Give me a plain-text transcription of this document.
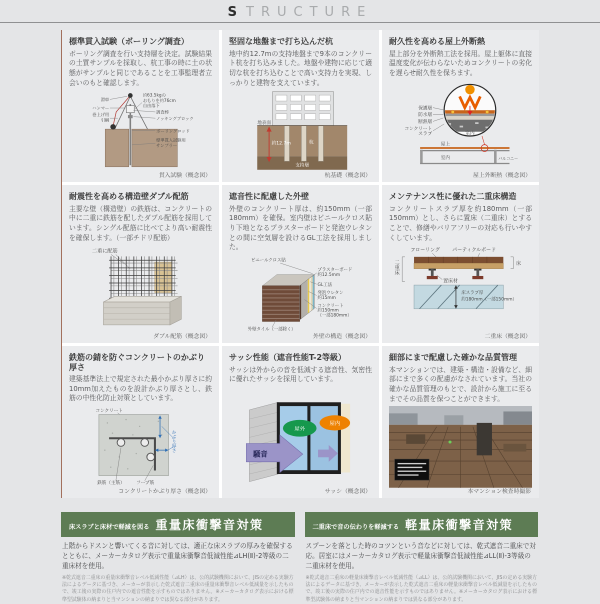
S TRUCTURE
標準貫入試験（ボーリング調査）

ボーリング調査を行い支持層を決定。試験結果の土質サンプルを採取し、杭工事の時に土の状態がサンプルと同じであることを工事監理者立会いのもと確認します。

滑車
ハンマー
巻上げ用
引綱
約63.5kgの
おもりを約76cm
自由落下
調査棒
ノッキングブロック
ボーリングロッド
標準貫入試験用
サンプラー
貫入試験（概念図）
堅固な地盤まで打ち込んだ杭

地中約12.7mの支持地盤まで9本のコンクリート杭を打ち込みました。地盤や建物に応じて適切な杭を打ち込むことで高い支持力を実現、しっかりと建物を支えています。

地表面
約12.7m	杭
支持層
杭基礎（概念図）
耐久性を高める屋上外断熱

屋上部分を外断熱工法を採用。屋上躯体に直接温度変化が伝わらないためコンクリートの劣化を遅らせ耐久性を保ちます。

室内
保護層
防水層
断熱層
コンクリート
スラブ
屋上
室内	バルコニー
屋上外断熱（概念図）
耐震性を高める構造壁ダブル配筋

主要な壁（構造壁）の鉄筋は、コンクリートの中に二重に鉄筋を配したダブル配筋を採用しています。シングル配筋に比べてより高い耐震性を確保します。（一部チドリ配筋）

二重に配筋
ダブル配筋（概念図）
遮音性に配慮した外壁

外壁のコンクリート厚は、約150mm（一部180mm）を確保。室内壁はビニールクロス貼り下地となるプラスターボードと発泡ウレタンとの間に空気層を設けるGL工法を採用しました。

ビニールクロス貼
プラスターボード
約12.5mm
GL工法
発泡ウレタン
約15mm
コンクリート
約150mm
（一部180mm）
外壁タイル（一部除く）
外壁の構造（概念図）
メンテナンス性に優れた二重床構造

コンクリートスラブ厚を約180mm（一部150mm）とし、さらに置床（二重床）とすることで、修繕やバリアフリーの対応も行いやすくしています。

フローリング パーティクルボード
置床材
床スラブ厚
約180mm（一部150mm）
二重床	床
二重床（概念図）
鉄筋の錆を防ぐコンクリートのかぶり厚さ

建築基準法上で規定された最小かぶり厚さに約10mm加えたものを設計かぶり厚さとし、鉄筋の中性化防止対策としています。

コンクリート
かぶり厚さ
鉄筋（主筋） フープ筋
コンクリートかぶり厚さ（概念図）
サッシ性能（遮音性能T-2等級）

サッシは外からの音を低減する遮音性、気密性に優れたサッシを採用しています。

屋外
屋内
騒音
サッシ（概念図）
細部にまで配慮した確かな品質管理

本マンションでは、建築・構造・設備など、細部にまで多くの配慮がなされています。当社の確かな品質管理のもとで、設計から施工に至るまでその品質を保つことができます。

本マンション検査時撮影
床スラブと床材で軽減を図る 重量床衝撃音対策

上階からドスンと響いてくる音に対しては、適正な床スラブの厚みを確保するとともに、メーカーカタログ表示で重量床衝撃音低減性能⊿LH(Ⅱ)-2等級の二重床材を使用。

※乾式遮音二重床の重量床衝撃音レベル低減性能（⊿LH）は、公的試験機関において、JISの定める実験方法によるデータに基づき、メーカーが表示した乾式遮音二重床の重量床衝撃音レベル低減量を示したもので、竣工後の実際の住戸内での遮音性能を示すものではありません。※メーカーカタログ表示における標準型試験体の納まりと当マンションの納まりでは異なる部分があります。

二重床で音の伝わりを軽減する 軽量床衝撃音対策

スプーンを落とした時のコツンという音などに対しては、乾式遮音二重床で対応。居室にはメーカーカタログ表示で軽量床衝撃音低減性能⊿LL(Ⅱ)-3等級の二重床材を使用。

※乾式遮音二重床の軽量床衝撃音レベル低減性能（⊿LL）は、公的試験機関において、JISの定める実験方法によるデータに基づき、メーカーが表示した乾式遮音二重床の軽量床衝撃音レベル低減量を示したもので、竣工後の実際の住戸内での遮音性能を示すものではありません。※メーカーカタログ表示における標準型試験体の納まりと当マンションの納まりでは異なる部分があります。
